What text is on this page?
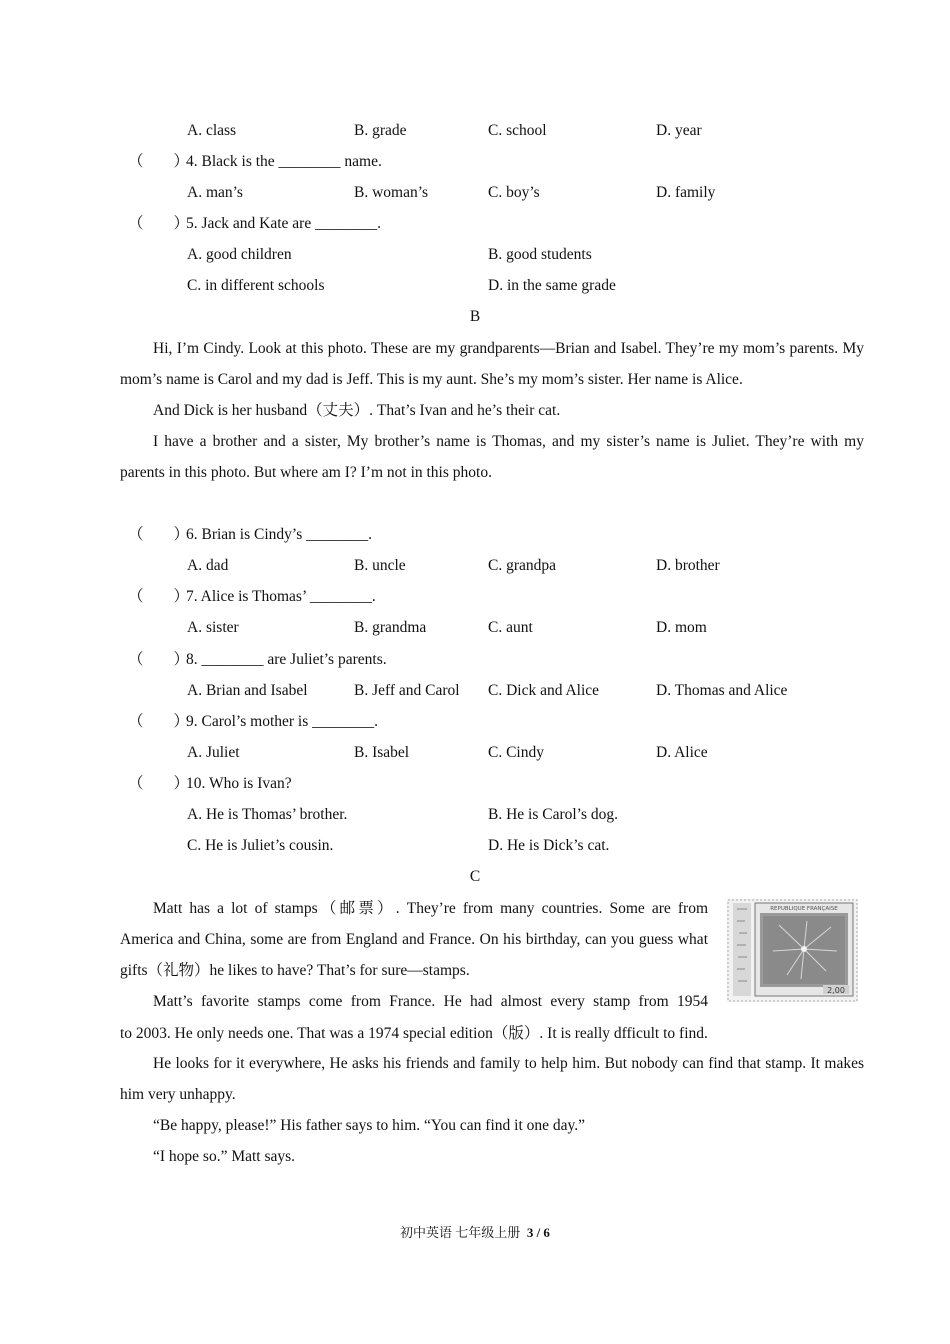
A. class	B. grade	C. school	D. year
（ ）4. Black is the ________ name.
A. man’s	B. woman’s	C. boy’s	D. family
（ ）5. Jack and Kate are ________.
A. good children	B. good students
C. in different schools	D. in the same grade
B

Hi, I’m Cindy. Look at this photo. These are my grandparents—Brian and Isabel. They’re my mom’s parents. My mom’s name is Carol and my dad is Jeff. This is my aunt. She’s my mom’s sister. Her name is Alice.

And Dick is her husband（丈夫）. That’s Ivan and he’s their cat.

I have a brother and a sister, My brother’s name is Thomas, and my sister’s name is Juliet. They’re with my parents in this photo. But where am I? I’m not in this photo.

（ ）6. Brian is Cindy’s ________.
A. dad	B. uncle	C. grandpa	D. brother
（ ）7. Alice is Thomas’ ________.
A. sister	B. grandma	C. aunt	D. mom
（ ）8. ________ are Juliet’s parents.
A. Brian and Isabel	B. Jeff and Carol C. Dick and Alice	D. Thomas and Alice
（ ）9. Carol’s mother is ________.
A. Juliet	B. Isabel	C. Cindy	D. Alice
（ ）10. Who is Ivan?
A. He is Thomas’ brother.	B. He is Carol’s dog.
C. He is Juliet’s cousin.	D. He is Dick’s cat.
C

Matt has a lot of stamps（邮票）. They’re from many countries. Some are from America and China, some are from England and France. On his birthday, can you guess what gifts（礼物）he likes to have? That’s for sure—stamps.

Matt’s favorite stamps come from France. He had almost every stamp from 1954

to 2003. He only needs one. That was a 1974 special edition（版）. It is really dfficult to find.

He looks for it everywhere, He asks his friends and family to help him. But nobody can find that stamp. It makes him very unhappy.

“Be happy, please!” His father says to him. “You can find it one day.”

“I hope so.” Matt says.

REPUBLIQUE FRANÇAISE
2,00
初中英语 七年级上册 3 / 6
